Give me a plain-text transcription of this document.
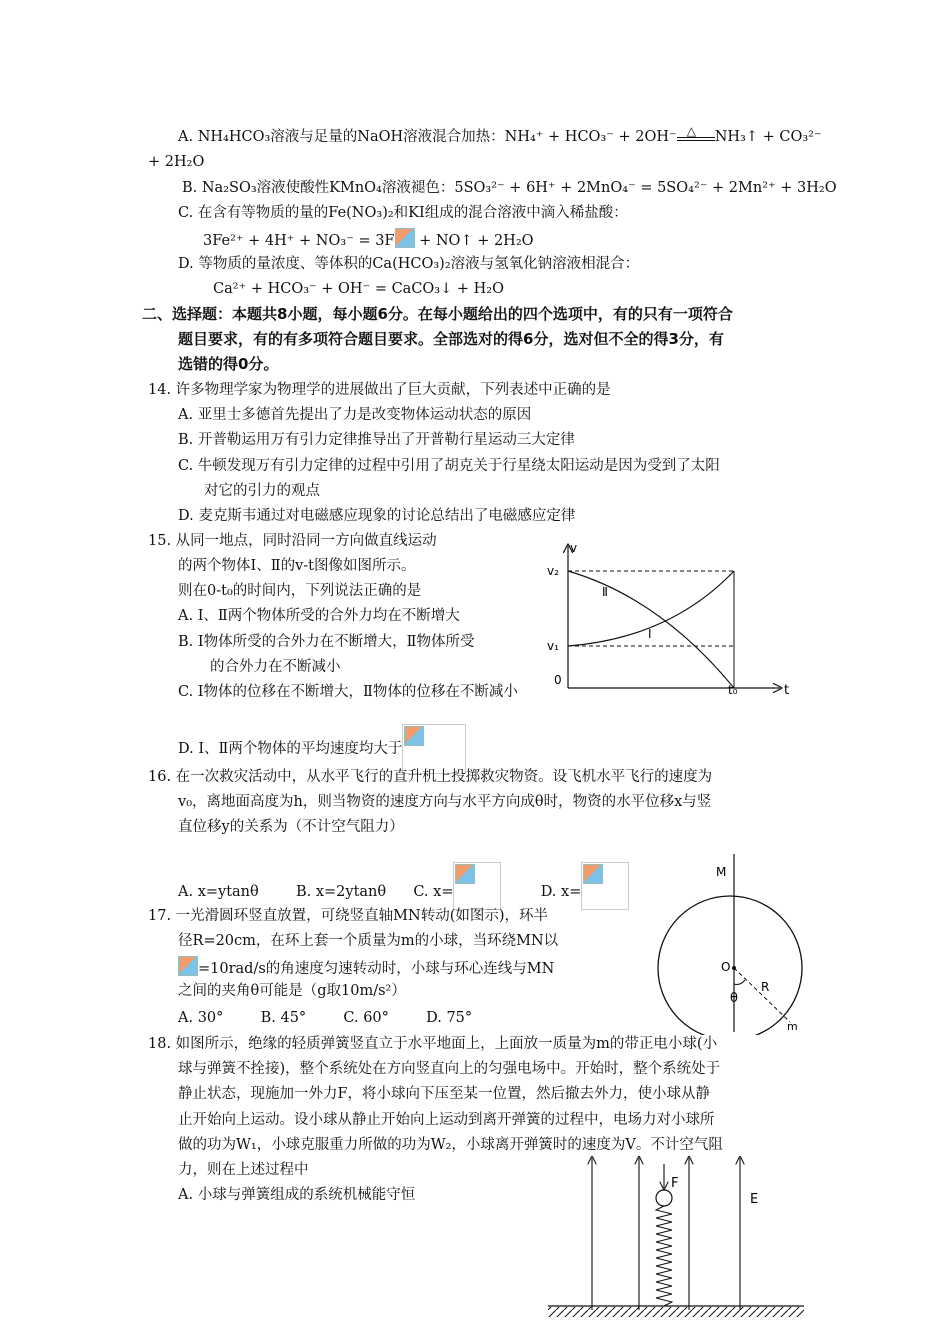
A. NH₄HCO₃溶液与足量的NaOH溶液混合加热：NH₄⁺ + HCO₃⁻ + 2OH⁻ △ NH₃↑ + CO₃²⁻
+ 2H₂O
B. Na₂SO₃溶液使酸性KMnO₄溶液褪色：5SO₃²⁻ + 6H⁺ + 2MnO₄⁻ = 5SO₄²⁻ + 2Mn²⁺ + 3H₂O
C. 在含有等物质的量的Fe(NO₃)₂和KI组成的混合溶液中滴入稀盐酸：
3Fe²⁺ + 4H⁺ + NO₃⁻ = 3F + NO↑ + 2H₂O
D. 等物质的量浓度、等体积的Ca(HCO₃)₂溶液与氢氧化钠溶液相混合：
Ca²⁺ + HCO₃⁻ + OH⁻ = CaCO₃↓ + H₂O
二、选择题：本题共8小题，每小题6分。在每小题给出的四个选项中，有的只有一项符合
题目要求，有的有多项符合题目要求。全部选对的得6分，选对但不全的得3分，有
选错的得0分。
14. 许多物理学家为物理学的进展做出了巨大贡献，下列表述中正确的是
A. 亚里士多德首先提出了力是改变物体运动状态的原因
B. 开普勒运用万有引力定律推导出了开普勒行星运动三大定律
C. 牛顿发现万有引力定律的过程中引用了胡克关于行星绕太阳运动是因为受到了太阳
对它的引力的观点
D. 麦克斯韦通过对电磁感应现象的讨论总结出了电磁感应定律
15. 从同一地点，同时沿同一方向做直线运动
的两个物体Ⅰ、Ⅱ的v-t图像如图所示。
则在0-t₀的时间内，下列说法正确的是
A. Ⅰ、Ⅱ两个物体所受的合外力均在不断增大
B. Ⅰ物体所受的合外力在不断增大，Ⅱ物体所受
的合外力在不断减小
C. Ⅰ物体的位移在不断增大，Ⅱ物体的位移在不断减小
D. Ⅰ、Ⅱ两个物体的平均速度均大于
v
t
v₂
v₁
0
t₀
Ⅱ
Ⅰ
16. 在一次救灾活动中，从水平飞行的直升机上投掷救灾物资。设飞机水平飞行的速度为
v₀，离地面高度为h，则当物资的速度方向与水平方向成θ时，物资的水平位移x与竖
直位移y的关系为（不计空气阻力）
A. x=ytanθ	B. x=2ytanθ C. x=	D. x=
17. 一光滑圆环竖直放置，可绕竖直轴MN转动(如图示)，环半
径R=20cm，在环上套一个质量为m的小球，当环绕MN以
=10rad/s的角速度匀速转动时，小球与环心连线与MN
之间的夹角θ可能是（g取10m/s²）
A. 30°	B. 45°	C. 60°	D. 75°
M
O
R
θ
m
18. 如图所示，绝缘的轻质弹簧竖直立于水平地面上，上面放一质量为m的带正电小球(小
球与弹簧不拴接)，整个系统处在方向竖直向上的匀强电场中。开始时，整个系统处于
静止状态，现施加一外力F，将小球向下压至某一位置，然后撤去外力，使小球从静
止开始向上运动。设小球从静止开始向上运动到离开弹簧的过程中，电场力对小球所
做的功为W₁，小球克服重力所做的功为W₂，小球离开弹簧时的速度为V。不计空气阻
力，则在上述过程中
A. 小球与弹簧组成的系统机械能守恒
F
E
